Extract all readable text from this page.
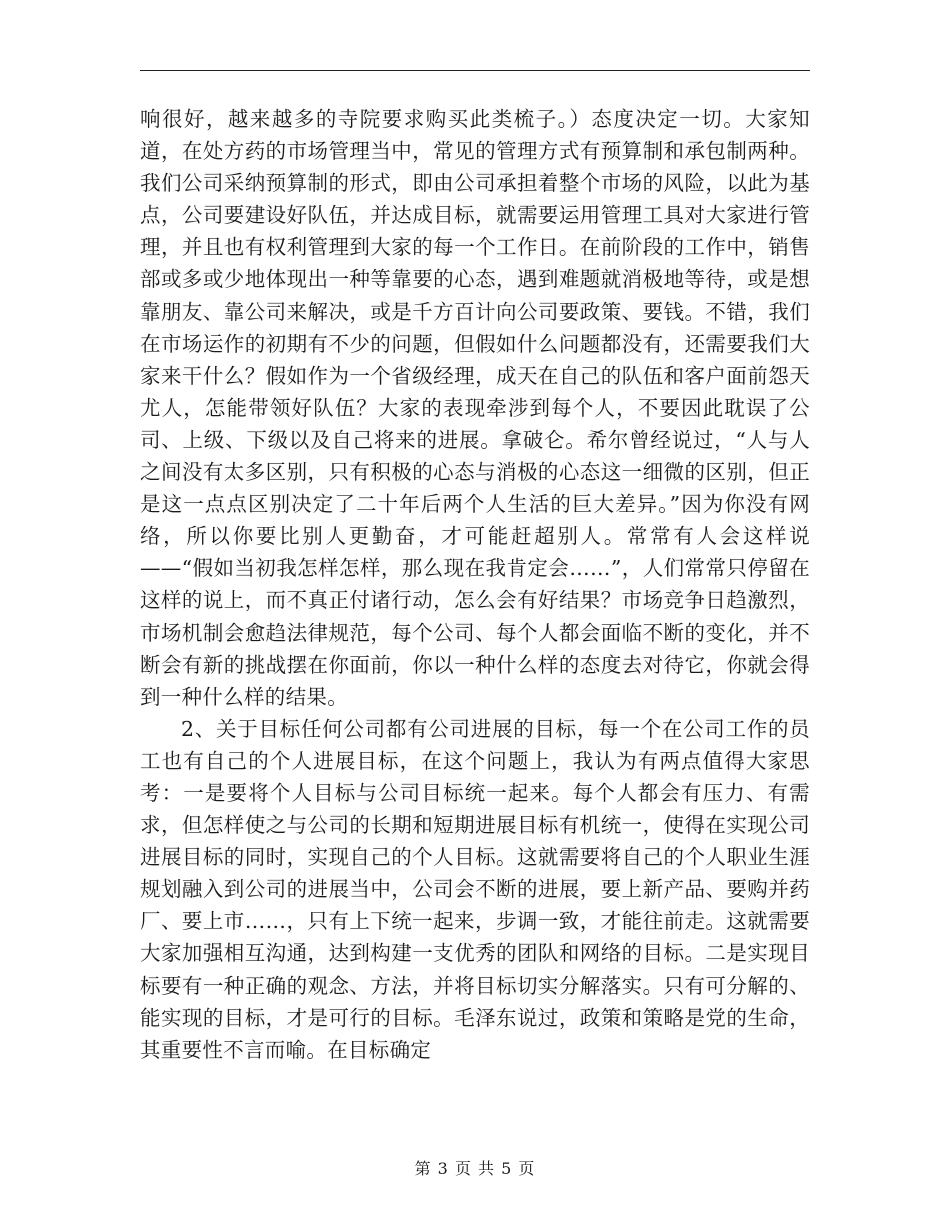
响很好，越来越多的寺院要求购买此类梳子。）态度决定一切。大家知道，在处方药的市场管理当中，常见的管理方式有预算制和承包制两种。我们公司采纳预算制的形式，即由公司承担着整个市场的风险，以此为基点，公司要建设好队伍，并达成目标，就需要运用管理工具对大家进行管理，并且也有权利管理到大家的每一个工作日。在前阶段的工作中，销售部或多或少地体现出一种等靠要的心态，遇到难题就消极地等待，或是想靠朋友、靠公司来解决，或是千方百计向公司要政策、要钱。不错，我们在市场运作的初期有不少的问题，但假如什么问题都没有，还需要我们大家来干什么？假如作为一个省级经理，成天在自己的队伍和客户面前怨天尤人，怎能带领好队伍？大家的表现牵涉到每个人，不要因此耽误了公司、上级、下级以及自己将来的进展。拿破仑。希尔曾经说过，“人与人之间没有太多区别，只有积极的心态与消极的心态这一细微的区别，但正是这一点点区别决定了二十年后两个人生活的巨大差异。”因为你没有网络，所以你要比别人更勤奋，才可能赶超别人。常常有人会这样说——“假如当初我怎样怎样，那么现在我肯定会……”，人们常常只停留在这样的说上，而不真正付诸行动，怎么会有好结果？市场竞争日趋激烈，市场机制会愈趋法律规范，每个公司、每个人都会面临不断的变化，并不断会有新的挑战摆在你面前，你以一种什么样的态度去对待它，你就会得到一种什么样的结果。

2、关于目标任何公司都有公司进展的目标，每一个在公司工作的员工也有自己的个人进展目标，在这个问题上，我认为有两点值得大家思考：一是要将个人目标与公司目标统一起来。每个人都会有压力、有需求，但怎样使之与公司的长期和短期进展目标有机统一，使得在实现公司进展目标的同时，实现自己的个人目标。这就需要将自己的个人职业生涯规划融入到公司的进展当中，公司会不断的进展，要上新产品、要购并药厂、要上市……，只有上下统一起来，步调一致，才能往前走。这就需要大家加强相互沟通，达到构建一支优秀的团队和网络的目标。二是实现目标要有一种正确的观念、方法，并将目标切实分解落实。只有可分解的、能实现的目标，才是可行的目标。毛泽东说过，政策和策略是党的生命，其重要性不言而喻。在目标确定

第 3 页 共 5 页
